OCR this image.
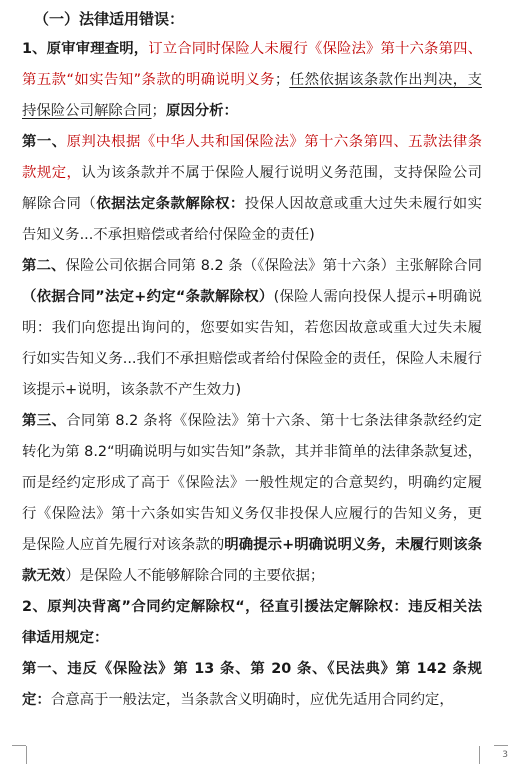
（一）法律适用错误：

1、原审审理查明，订立合同时保险人未履行《保险法》第十六条第四、第五款“如实告知”条款的明确说明义务；任然依据该条款作出判决，支持保险公司解除合同；原因分析：

第一、原判决根据《中华人共和国保险法》第十六条第四、五款法律条款规定，认为该条款并不属于保险人履行说明义务范围，支持保险公司解除合同（依据法定条款解除权：投保人因故意或重大过失未履行如实告知义务...不承担赔偿或者给付保险金的责任)

第二、保险公司依据合同第 8.2 条（《保险法》第十六条）主张解除合同（依据合同”法定+约定“条款解除权）(保险人需向投保人提示+明确说明：我们向您提出询问的，您要如实告知，若您因故意或重大过失未履行如实告知义务...我们不承担赔偿或者给付保险金的责任，保险人未履行该提示+说明，该条款不产生效力)

第三、合同第 8.2 条将《保险法》第十六条、第十七条法律条款经约定转化为第 8.2“明确说明与如实告知”条款，其并非简单的法律条款复述，而是经约定形成了高于《保险法》一般性规定的合意契约，明确约定履行《保险法》第十六条如实告知义务仅非投保人应履行的告知义务，更是保险人应首先履行对该条款的明确提示+明确说明义务，未履行则该条款无效）是保险人不能够解除合同的主要依据；

2、原判决背离”合同约定解除权“，径直引援法定解除权：违反相关法律适用规定：

第一、违反《保险法》第 13 条、第 20 条、《民法典》第 142 条规定：合意高于一般法定，当条款含义明确时，应优先适用合同约定，

3
